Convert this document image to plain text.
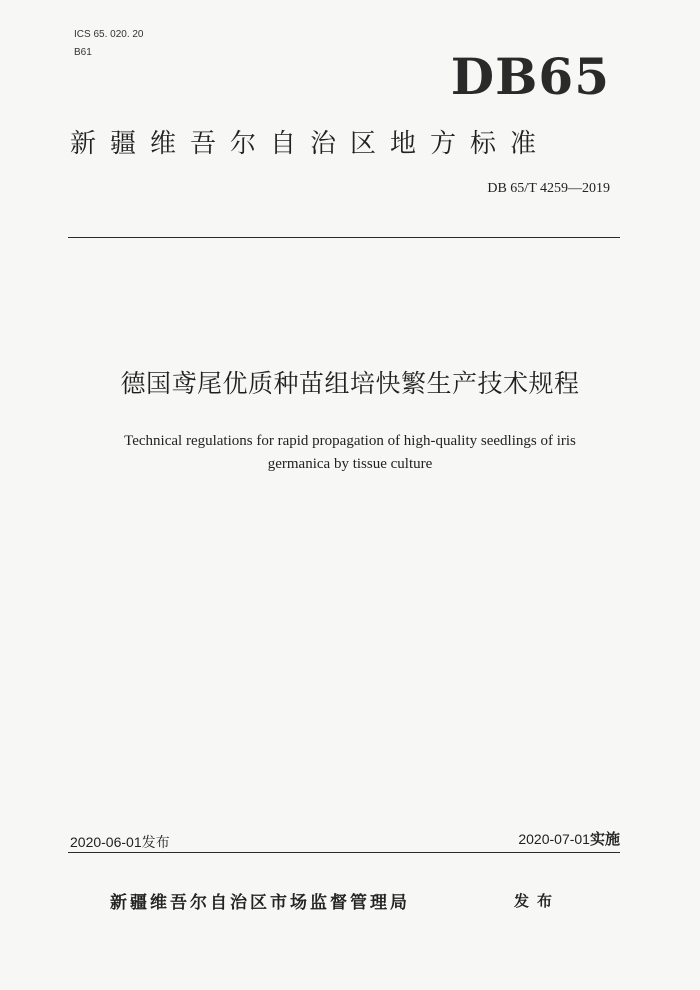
ICS 65. 020. 20
B61	DB65
新疆维吾尔自治区地方标准
DB 65/T 4259—2019
德国鸢尾优质种苗组培快繁生产技术规程
Technical regulations for rapid propagation of high-quality seedlings of iris
germanica by tissue culture
2020-06-01发布	2020-07-01实施
新疆维吾尔自治区市场监督管理局	发布
